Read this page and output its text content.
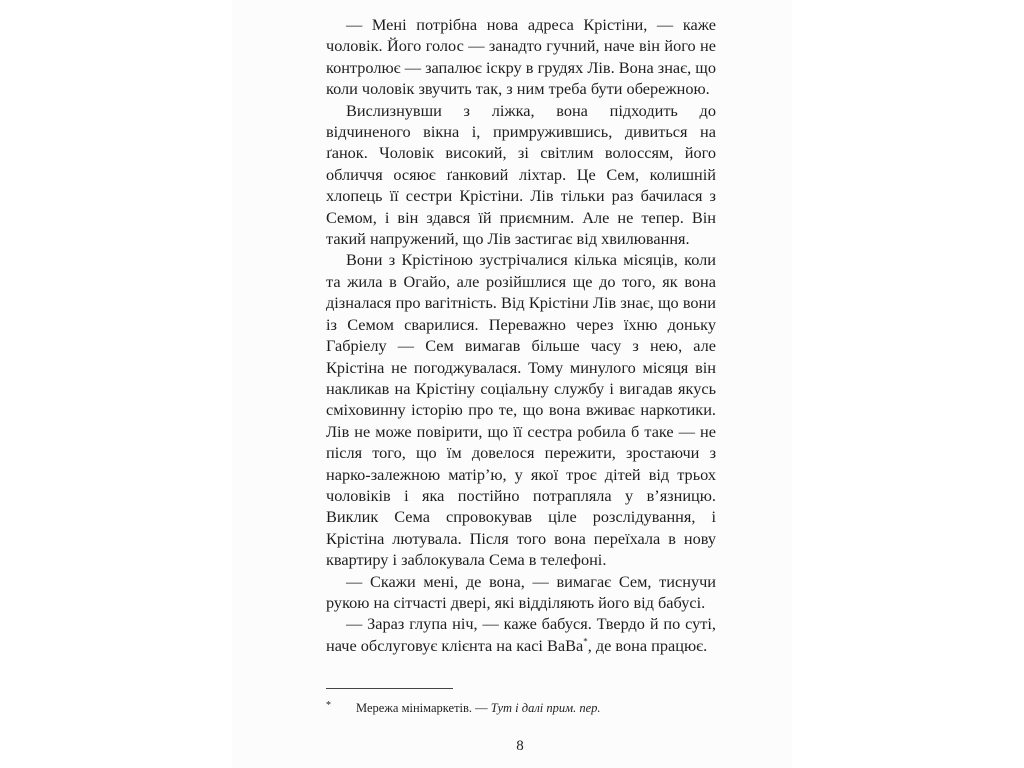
— Мені потрібна нова адреса Крістіни, — каже чоловік. Його голос — занадто гучний, наче він його не контролює — запалює іскру в грудях Лів. Вона знає, що коли чоловік звучить так, з ним треба бути обережною.

Вислизнувши з ліжка, вона підходить до відчиненого вікна і, примружившись, дивиться на ґанок. Чоловік високий, зі світлим волоссям, його обличчя осяює ґанковий ліхтар. Це Сем, колишній хлопець її сестри Крістіни. Лів тільки раз бачилася з Семом, і він здався їй приємним. Але не тепер. Він такий напружений, що Лів застигає від хвилювання.

Вони з Крістіною зустрічалися кілька місяців, коли та жила в Огайо, але розійшлися ще до того, як вона дізналася про вагітність. Від Крістіни Лів знає, що вони із Семом сварилися. Переважно через їхню доньку Габріелу — Сем вимагав більше часу з нею, але Крістіна не погоджувалася. Тому минулого місяця він накликав на Крістіну соціальну службу і вигадав якусь сміховинну історію про те, що вона вживає наркотики. Лів не може повірити, що її сестра робила б таке — не після того, що їм довелося пережити, зростаючи з нарко-залежною матір’ю, у якої троє дітей від трьох чоловіків і яка постійно потрапляла у в’язницю. Виклик Сема спровокував ціле розслідування, і Крістіна лютувала. Після того вона переїхала в нову квартиру і заблокувала Сема в телефоні.

— Скажи мені, де вона, — вимагає Сем, тиснучи рукою на сітчасті двері, які відділяють його від бабусі.

— Зараз глупа ніч, — каже бабуся. Твердо й по суті, наче обслуговує клієнта на касі ВаВа*, де вона працює.

* Мережа мінімаркетів. — Тут і далі прим. пер.
8
